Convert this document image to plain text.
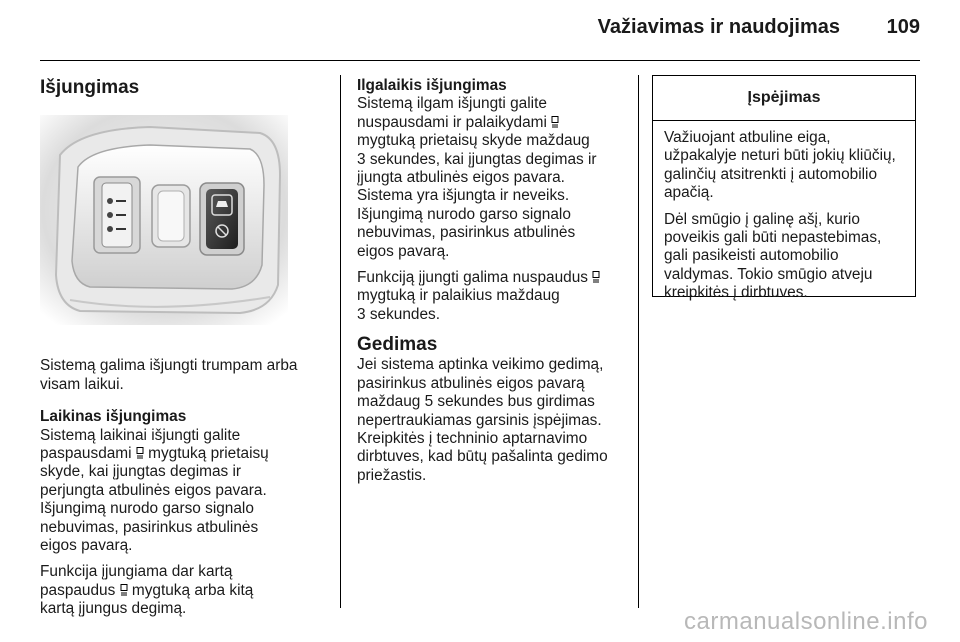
Važiavimas ir naudojimas 109
Išjungimas

Sistemą galima išjungti trumpam arba visam laikui.

Laikinas išjungimas

Sistemą laikinai išjungti galite
paspausdami mygtuką prietaisų
skyde, kai įjungtas degimas ir
perjungta atbulinės eigos pavara.
Išjungimą nurodo garso signalo
nebuvimas, pasirinkus atbulinės
eigos pavarą.

Funkcija įjungiama dar kartą
paspaudus mygtuką arba kitą
kartą įjungus degimą.

Ilgalaikis išjungimas

Sistemą ilgam išjungti galite
nuspausdami ir palaikydami
mygtuką prietaisų skyde maždaug
3 sekundes, kai įjungtas degimas ir
įjungta atbulinės eigos pavara.
Sistema yra išjungta ir neveiks.
Išjungimą nurodo garso signalo
nebuvimas, pasirinkus atbulinės
eigos pavarą.

Funkciją įjungti galima nuspaudus
mygtuką ir palaikius maždaug
3 sekundes.

Gedimas

Jei sistema aptinka veikimo gedimą,
pasirinkus atbulinės eigos pavarą
maždaug 5 sekundes bus girdimas
nepertraukiamas garsinis įspėjimas.
Kreipkitės į techninio aptarnavimo
dirbtuves, kad būtų pašalinta gedimo
priežastis.

Įspėjimas

Važiuojant atbuline eiga,
užpakalyje neturi būti jokių kliūčių,
galinčių atsitrenkti į automobilio
apačią.

Dėl smūgio į galinę ašį, kurio
poveikis gali būti nepastebimas,
gali pasikeisti automobilio
valdymas. Tokio smūgio atveju
kreipkitės į dirbtuves.

carmanualsonline.info
